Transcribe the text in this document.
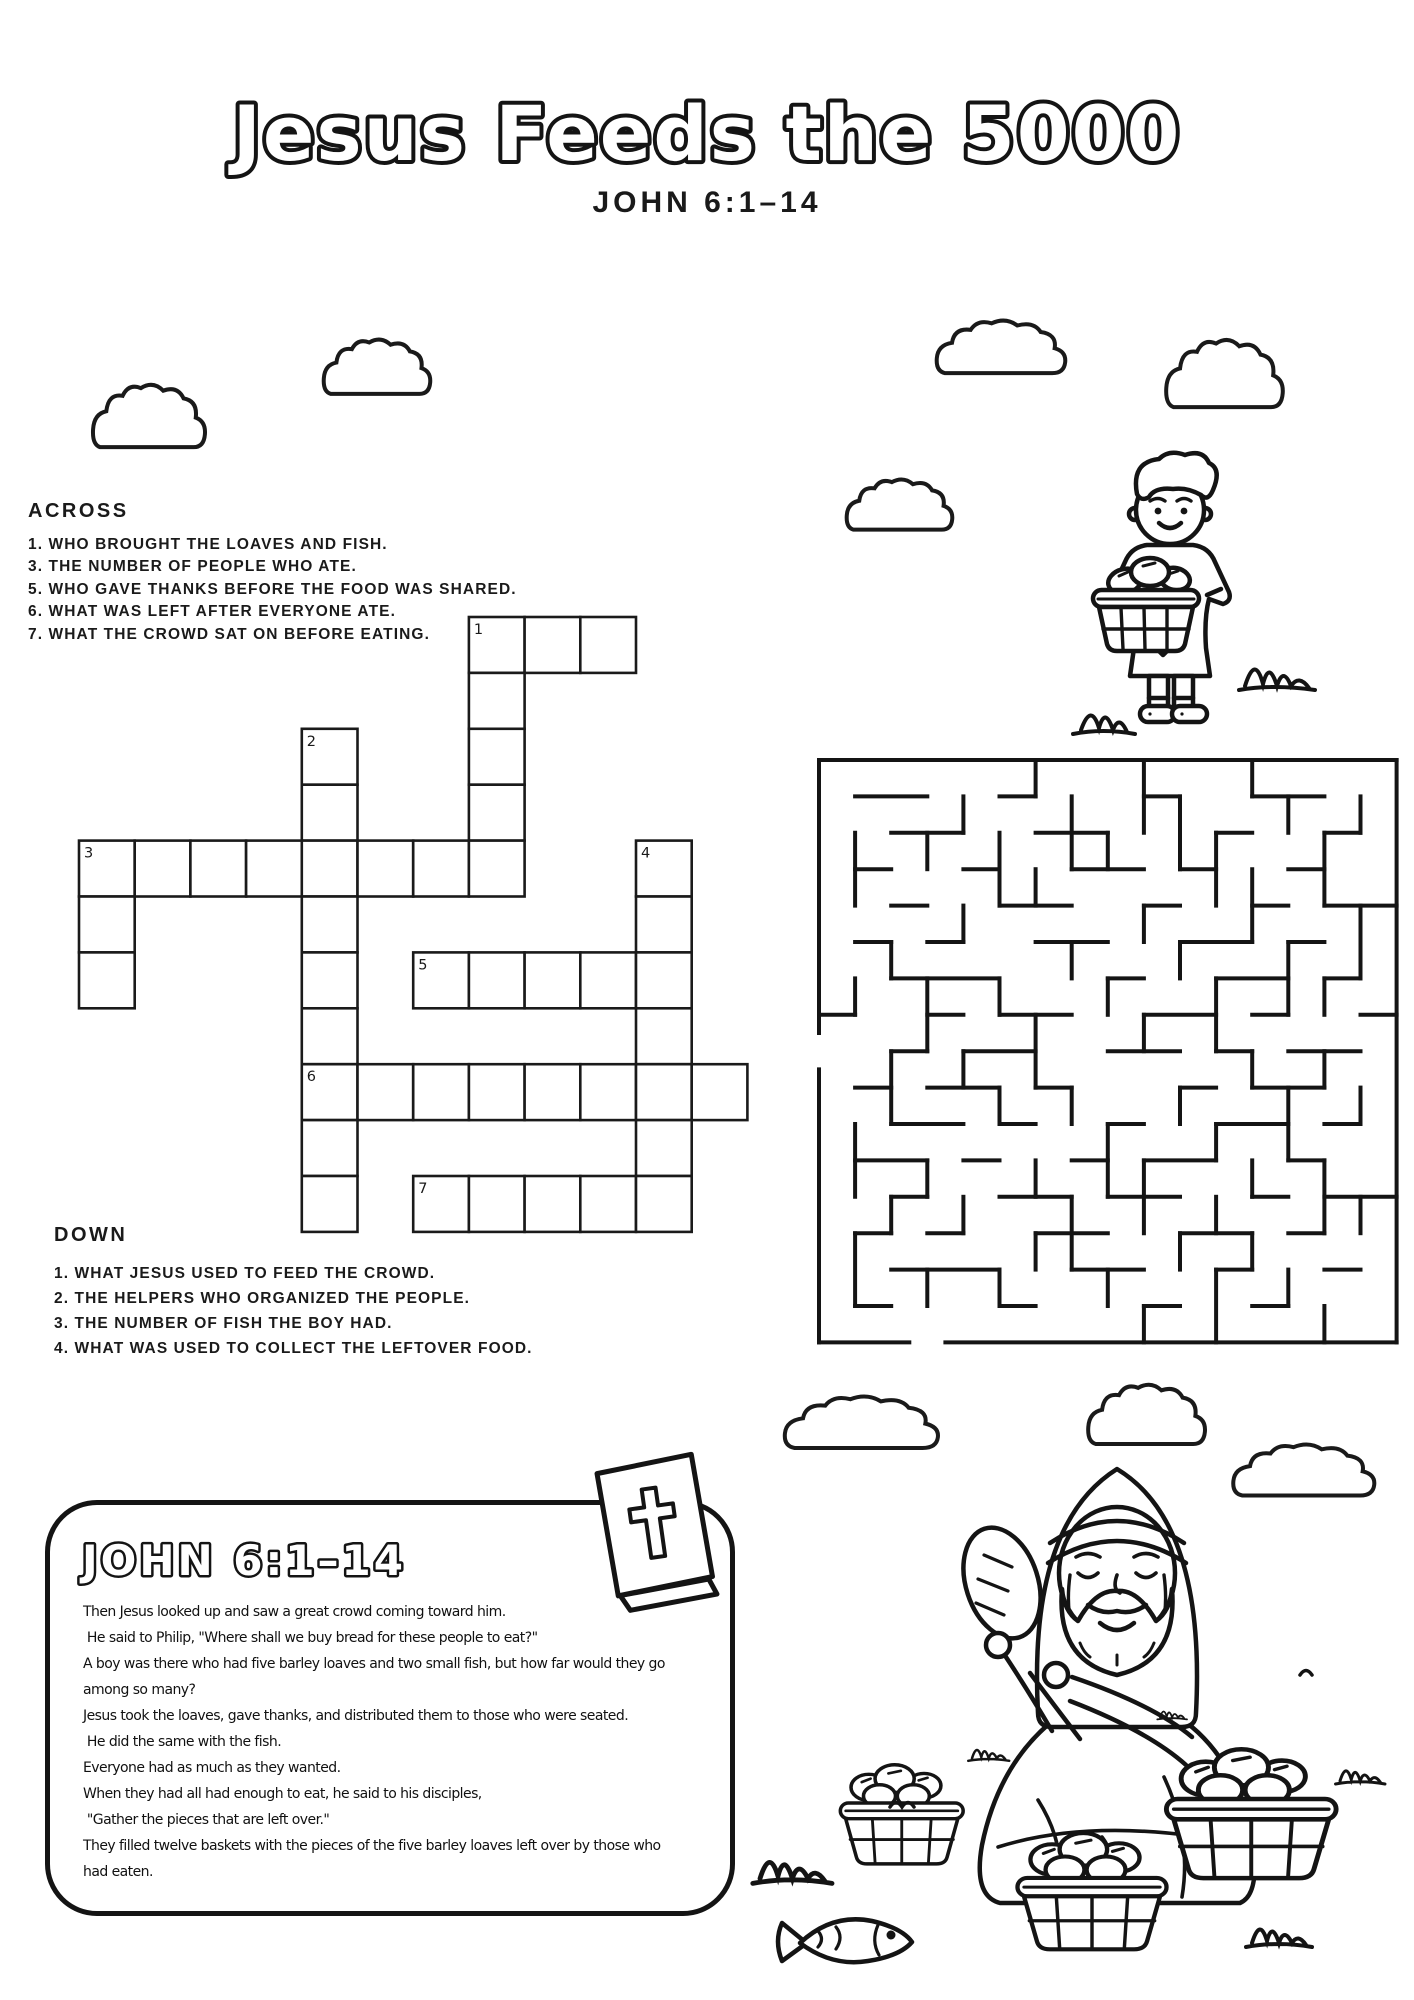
Jesus Feeds the 5000
JOHN 6:1–14
ACROSS
1. WHO BROUGHT THE LOAVES AND FISH.
3. THE NUMBER OF PEOPLE WHO ATE.
5. WHO GAVE THANKS BEFORE THE FOOD WAS SHARED.
6. WHAT WAS LEFT AFTER EVERYONE ATE.
7. WHAT THE CROWD SAT ON BEFORE EATING.	1
2
3	4
5
6
7
DOWN
1. WHAT JESUS USED TO FEED THE CROWD.
2. THE HELPERS WHO ORGANIZED THE PEOPLE.
3. THE NUMBER OF FISH THE BOY HAD.
4. WHAT WAS USED TO COLLECT THE LEFTOVER FOOD.
JOHN 6:1–14
Then Jesus looked up and saw a great crowd coming toward him.
He said to Philip, "Where shall we buy bread for these people to eat?"
A boy was there who had five barley loaves and two small fish, but how far would they go
among so many?
Jesus took the loaves, gave thanks, and distributed them to those who were seated.
He did the same with the fish.
Everyone had as much as they wanted.
When they had all had enough to eat, he said to his disciples,
"Gather the pieces that are left over."
They filled twelve baskets with the pieces of the five barley loaves left over by those who
had eaten.
